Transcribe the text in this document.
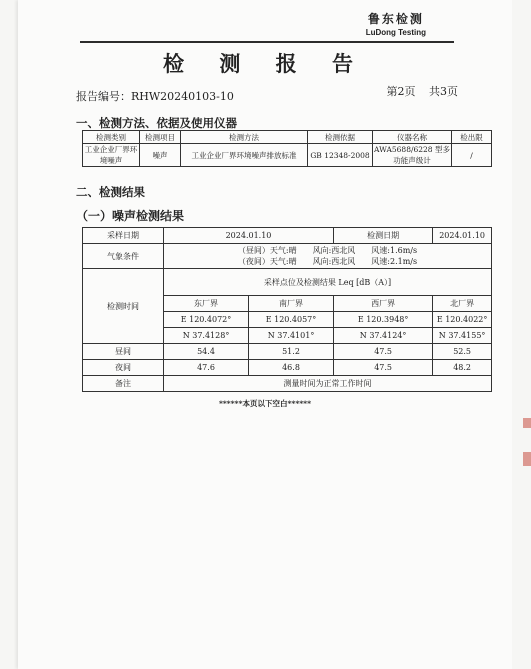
鲁东检测
LuDong Testing
检 测 报 告
报告编号：RHW20240103-10	第2页 共3页
一、检测方法、依据及使用仪器
检测类别	检测项目	检测方法	检测依据	仪器名称	检出限
工业企业厂界环境噪声	噪声	工业企业厂界环境噪声排放标准	GB 12348-2008	AWA5688/6228 型多功能声级计	/
二、检测结果
（一）噪声检测结果
采样日期	2024.01.10		检测日期	2024.01.10
气象条件	（昼间）天气:晴　　风向:西北风　　风速:1.6m/s
（夜间）天气:晴　　风向:西北风　　风速:2.1m/s			

检测时间	采样点位及检测结果 Leq [dB（A）]			
	东厂界	南厂界	西厂界	北厂界
	E 120.4072°	E 120.4057°	E 120.3948°	E 120.4022°
	N 37.4128°	N 37.4101°	N 37.4124°	N 37.4155°
昼间	54.4	51.2	47.5	52.5
夜间	47.6	46.8	47.5	48.2
备注	测量时间为正常工作时间			
******本页以下空白******
